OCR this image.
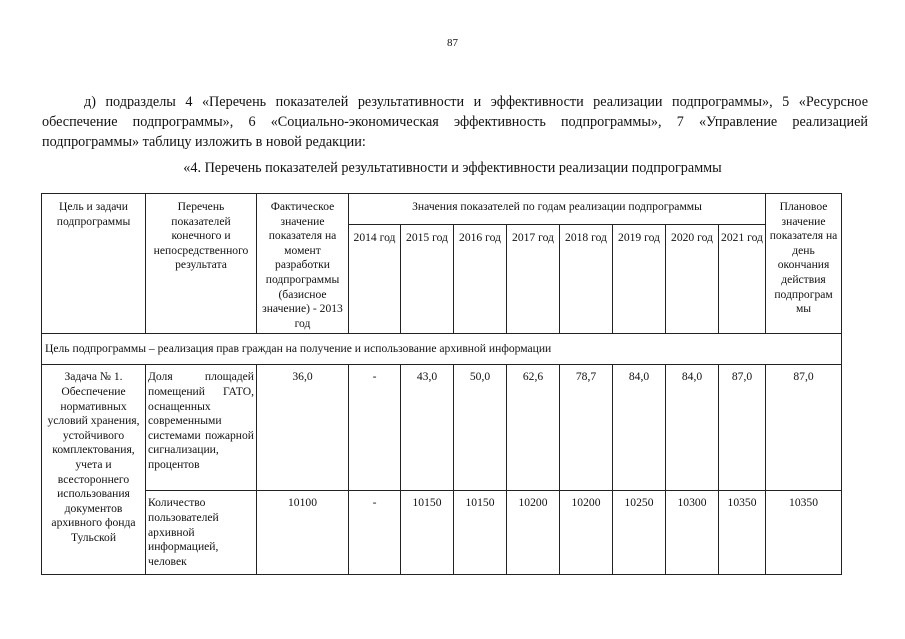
87
д) подразделы 4 «Перечень показателей результативности и эффективности реализации подпрограммы», 5 «Ресурсное обеспечение подпрограммы», 6 «Социально-экономическая эффективность подпрограммы», 7 «Управление реализацией подпрограммы» таблицу изложить в новой редакции:
«4. Перечень показателей результативности и эффективности реализации подпрограммы
Цель и задачи подпрограммы	Перечень показателей конечного и непосредственного результата	Фактическое значение показателя на момент разработки подпрограммы (базисное значение) - 2013 год	Значения показателей по годам реализации подпрограммы								Плановое значение показателя на день окончания действия подпрограм мы
			2014 год	2015 год	2016 год	2017 год	2018 год	2019 год	2020 год	2021 год	
Цель подпрограммы – реализация прав граждан на получение и использование архивной информации											
Задача № 1. Обеспечение нормативных условий хранения, устойчивого комплектования, учета и всестороннего использования документов архивного фонда Тульской	Доля площадей помещений ГАТО, оснащенных современными системами пожарной сигнализации, процентов	36,0	-	43,0	50,0	62,6	78,7	84,0	84,0	87,0	87,0
	Количество пользователей архивной информацией, человек	10100	-	10150	10150	10200	10200	10250	10300	10350	10350
